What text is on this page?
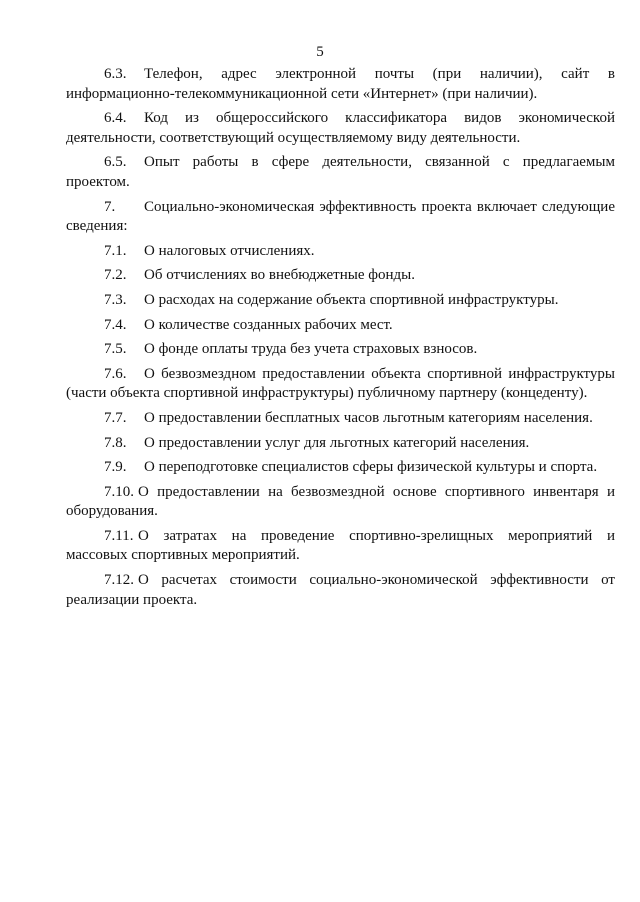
5

6.3. Телефон, адрес электронной почты (при наличии), сайт в информационно-телекоммуникационной сети «Интернет» (при наличии).

6.4. Код из общероссийского классификатора видов экономической деятельности, соответствующий осуществляемому виду деятельности.

6.5. Опыт работы в сфере деятельности, связанной с предлагаемым проектом.

7. Социально-экономическая эффективность проекта включает следующие сведения:

7.1. О налоговых отчислениях.

7.2. Об отчислениях во внебюджетные фонды.

7.3. О расходах на содержание объекта спортивной инфраструктуры.

7.4. О количестве созданных рабочих мест.

7.5. О фонде оплаты труда без учета страховых взносов.

7.6. О безвозмездном предоставлении объекта спортивной инфраструктуры (части объекта спортивной инфраструктуры) публичному партнеру (концеденту).

7.7. О предоставлении бесплатных часов льготным категориям населения.

7.8. О предоставлении услуг для льготных категорий населения.

7.9. О переподготовке специалистов сферы физической культуры и спорта.

7.10. О предоставлении на безвозмездной основе спортивного инвентаря и оборудования.

7.11. О затратах на проведение спортивно-зрелищных мероприятий и массовых спортивных мероприятий.

7.12. О расчетах стоимости социально-экономической эффективности от реализации проекта.
